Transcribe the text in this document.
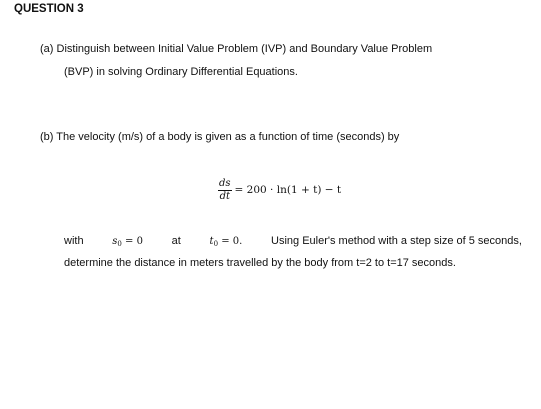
QUESTION 3
(a) Distinguish between Initial Value Problem (IVP) and Boundary Value Problem
(BVP) in solving Ordinary Differential Equations.
(b) The velocity (m/s) of a body is given as a function of time (seconds) by
$\frac{ds}{dt} = 200 \cdot \ln(1 + t) - t$
with	$s_0 = 0$	at	$t_0 = 0$.	Using Euler's method with a step size of 5 seconds,
determine the distance in meters travelled by the body from t=2 to t=17 seconds.
